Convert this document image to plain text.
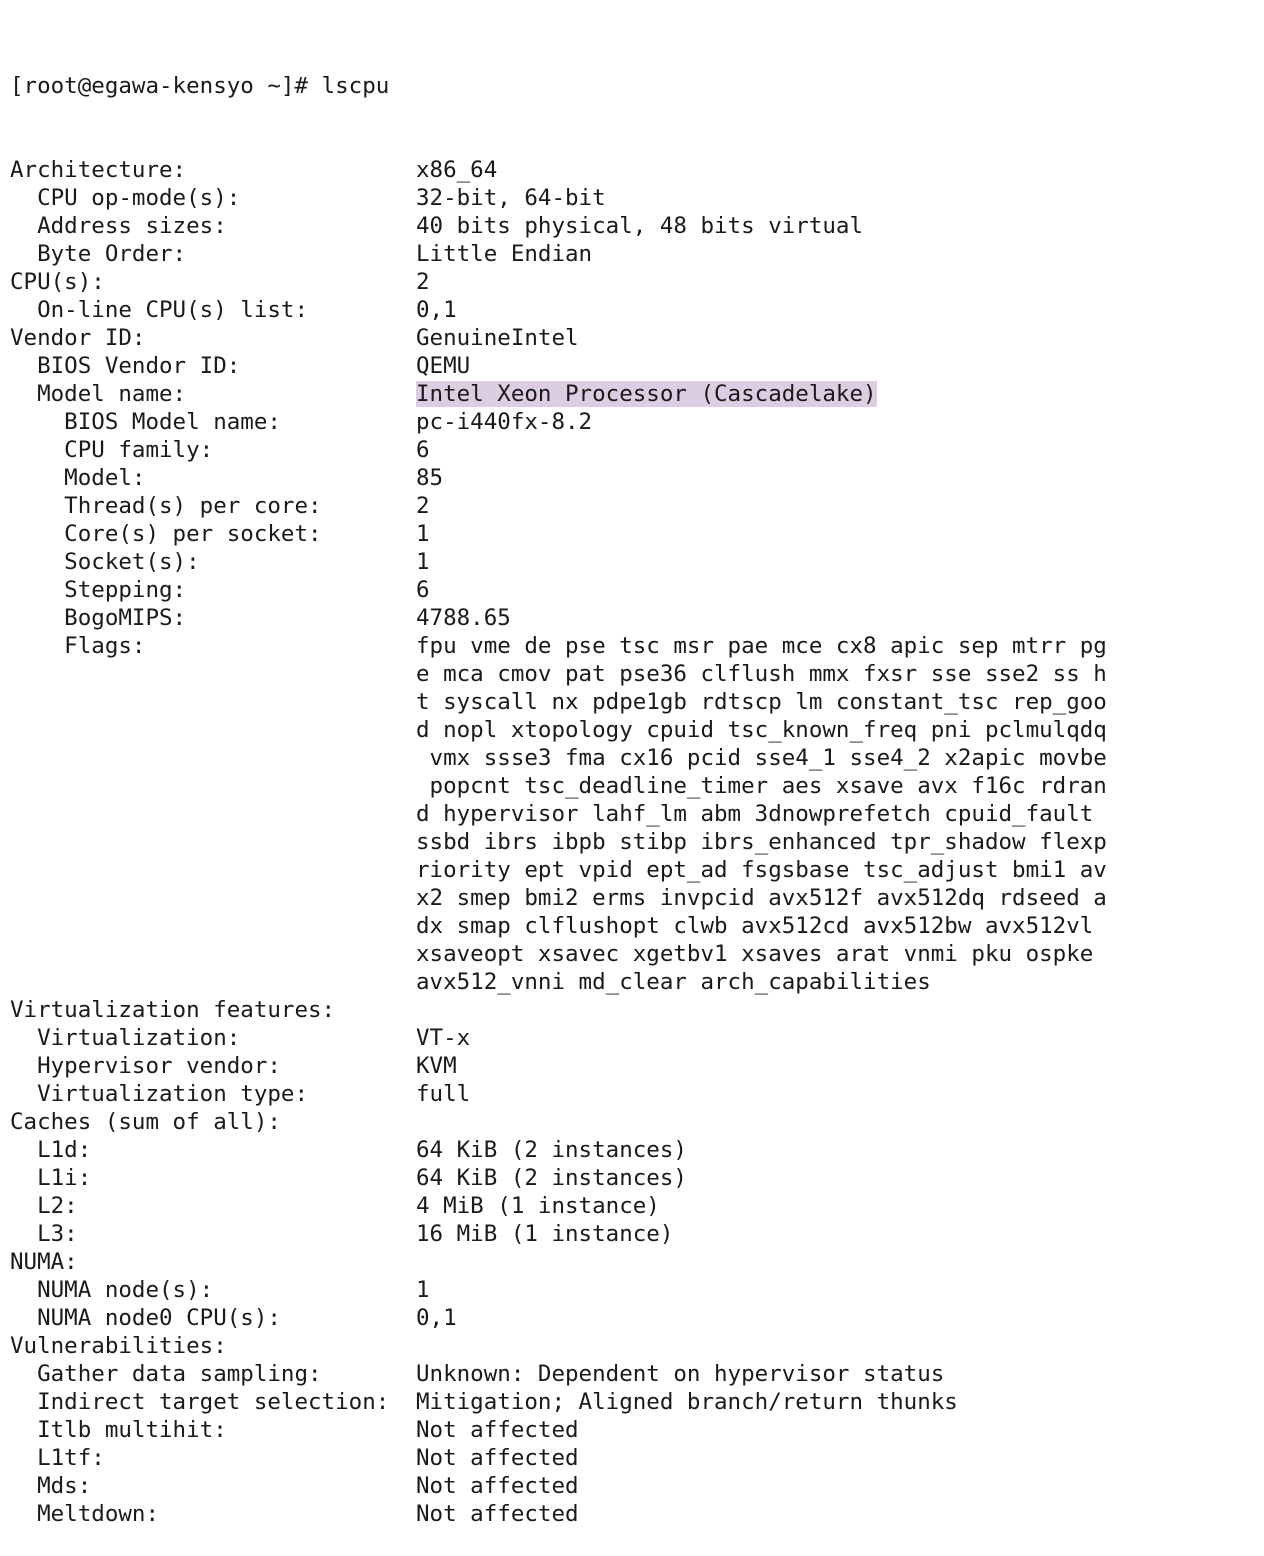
[root@egawa-kensyo ~]# lscpu

Architecture:	x86_64
CPU op-mode(s):	32-bit, 64-bit
Address sizes:	40 bits physical, 48 bits virtual
Byte Order:	Little Endian
CPU(s):	2
On-line CPU(s) list:	0,1
Vendor ID:	GenuineIntel
BIOS Vendor ID:	QEMU
Model name:	Intel Xeon Processor (Cascadelake)
BIOS Model name:	pc-i440fx-8.2
CPU family:	6
Model:	85
Thread(s) per core:	2
Core(s) per socket:	1
Socket(s):	1
Stepping:	6
BogoMIPS:	4788.65
Flags:	fpu vme de pse tsc msr pae mce cx8 apic sep mtrr pg
e mca cmov pat pse36 clflush mmx fxsr sse sse2 ss h
t syscall nx pdpe1gb rdtscp lm constant_tsc rep_goo
d nopl xtopology cpuid tsc_known_freq pni pclmulqdq
vmx ssse3 fma cx16 pcid sse4_1 sse4_2 x2apic movbe
popcnt tsc_deadline_timer aes xsave avx f16c rdran
d hypervisor lahf_lm abm 3dnowprefetch cpuid_fault
ssbd ibrs ibpb stibp ibrs_enhanced tpr_shadow flexp
riority ept vpid ept_ad fsgsbase tsc_adjust bmi1 av
x2 smep bmi2 erms invpcid avx512f avx512dq rdseed a
dx smap clflushopt clwb avx512cd avx512bw avx512vl
xsaveopt xsavec xgetbv1 xsaves arat vnmi pku ospke
avx512_vnni md_clear arch_capabilities
Virtualization features:
Virtualization:	VT-x
Hypervisor vendor:	KVM
Virtualization type:	full
Caches (sum of all):
L1d:	64 KiB (2 instances)
L1i:	64 KiB (2 instances)
L2:	4 MiB (1 instance)
L3:	16 MiB (1 instance)
NUMA:
NUMA node(s):	1
NUMA node0 CPU(s):	0,1
Vulnerabilities:
Gather data sampling:	Unknown: Dependent on hypervisor status
Indirect target selection: Mitigation; Aligned branch/return thunks
Itlb multihit:	Not affected
L1tf:	Not affected
Mds:	Not affected
Meltdown:	Not affected
